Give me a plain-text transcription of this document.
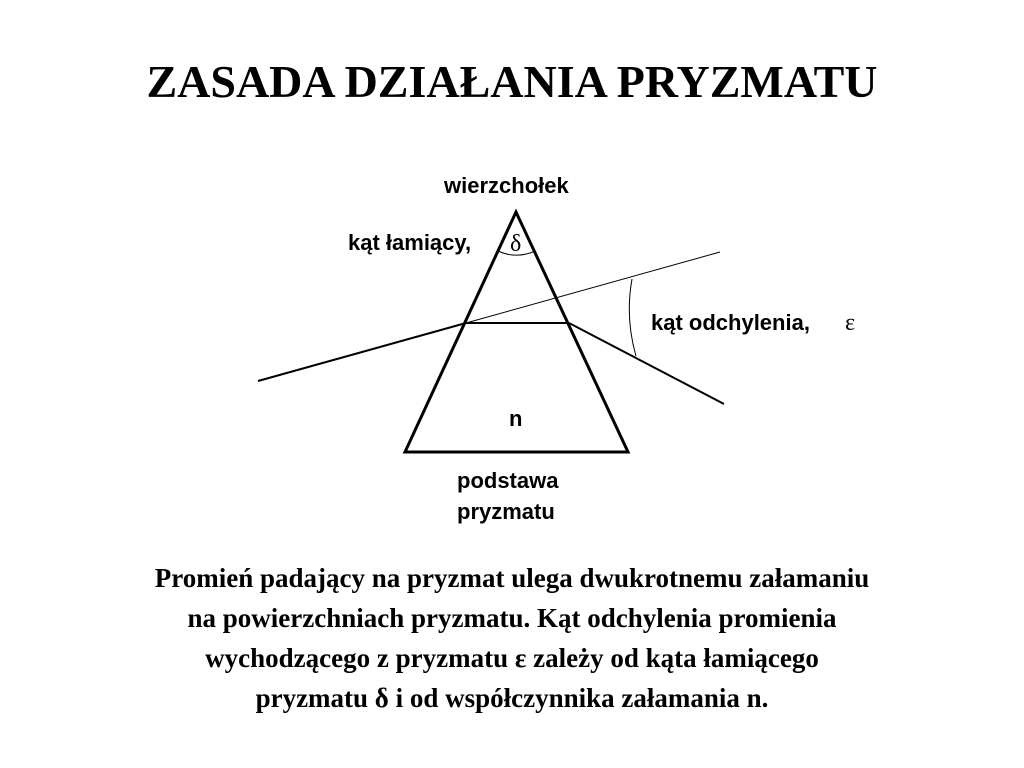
ZASADA DZIAŁANIA PRYZMATU
wierzchołek
kąt łamiący, δ
kąt odchylenia, ε
n
podstawa
pryzmatu
Promień padający na pryzmat ulega dwukrotnemu załamaniu
na powierzchniach pryzmatu. Kąt odchylenia promienia
wychodzącego z pryzmatu ε zależy od kąta łamiącego
pryzmatu δ i od współczynnika załamania n.
